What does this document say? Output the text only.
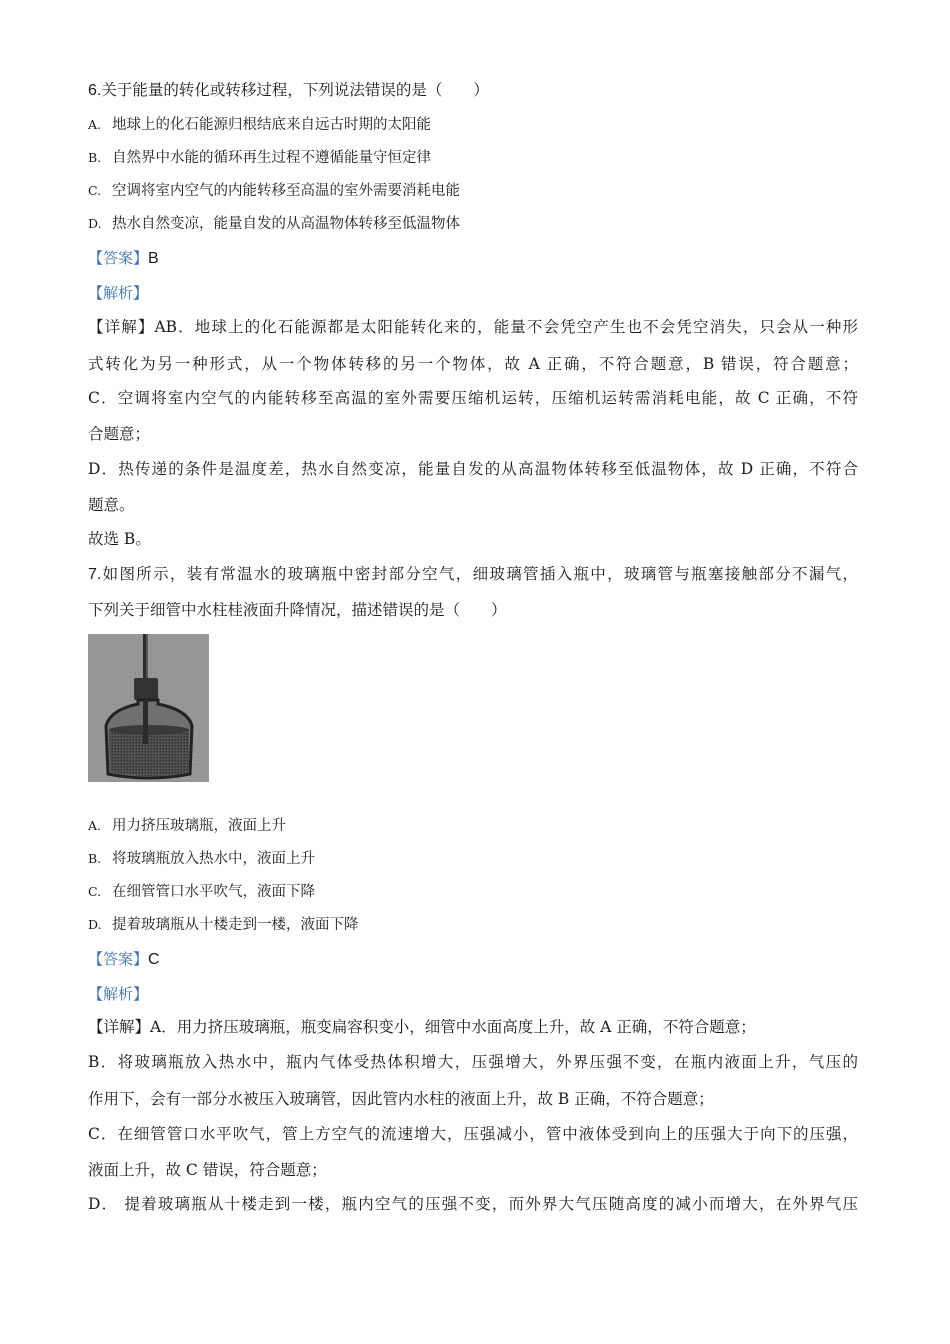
6.关于能量的转化或转移过程，下列说法错误的是（　　）
A. 地球上的化石能源归根结底来自远古时期的太阳能
B. 自然界中水能的循环再生过程不遵循能量守恒定律
C. 空调将室内空气的内能转移至高温的室外需要消耗电能
D. 热水自然变凉，能量自发的从高温物体转移至低温物体
【答案】B
【解析】
【详解】AB．地球上的化石能源都是太阳能转化来的，能量不会凭空产生也不会凭空消失，只会从一种形
式转化为另一种形式，从一个物体转移的另一个物体，故 A 正确，不符合题意，B 错误，符合题意；
C．空调将室内空气的内能转移至高温的室外需要压缩机运转，压缩机运转需消耗电能，故 C 正确，不符
合题意；
D．热传递的条件是温度差，热水自然变凉，能量自发的从高温物体转移至低温物体，故 D 正确，不符合
题意。
故选 B。
7.如图所示，装有常温水的玻璃瓶中密封部分空气，细玻璃管插入瓶中，玻璃管与瓶塞接触部分不漏气，
下列关于细管中水柱桂液面升降情况，描述错误的是（　　）
A. 用力挤压玻璃瓶，液面上升
B. 将玻璃瓶放入热水中，液面上升
C. 在细管管口水平吹气，液面下降
D. 提着玻璃瓶从十楼走到一楼，液面下降
【答案】C
【解析】
【详解】A．用力挤压玻璃瓶，瓶变扁容积变小，细管中水面高度上升，故 A 正确，不符合题意；
B．将玻璃瓶放入热水中，瓶内气体受热体积增大，压强增大，外界压强不变，在瓶内液面上升，气压的
作用下，会有一部分水被压入玻璃管，因此管内水柱的液面上升，故 B 正确，不符合题意；
C．在细管管口水平吹气，管上方空气的流速增大，压强减小，管中液体受到向上的压强大于向下的压强，
液面上升，故 C 错误，符合题意；
D． 提着玻璃瓶从十楼走到一楼，瓶内空气的压强不变，而外界大气压随高度的减小而增大，在外界气压
